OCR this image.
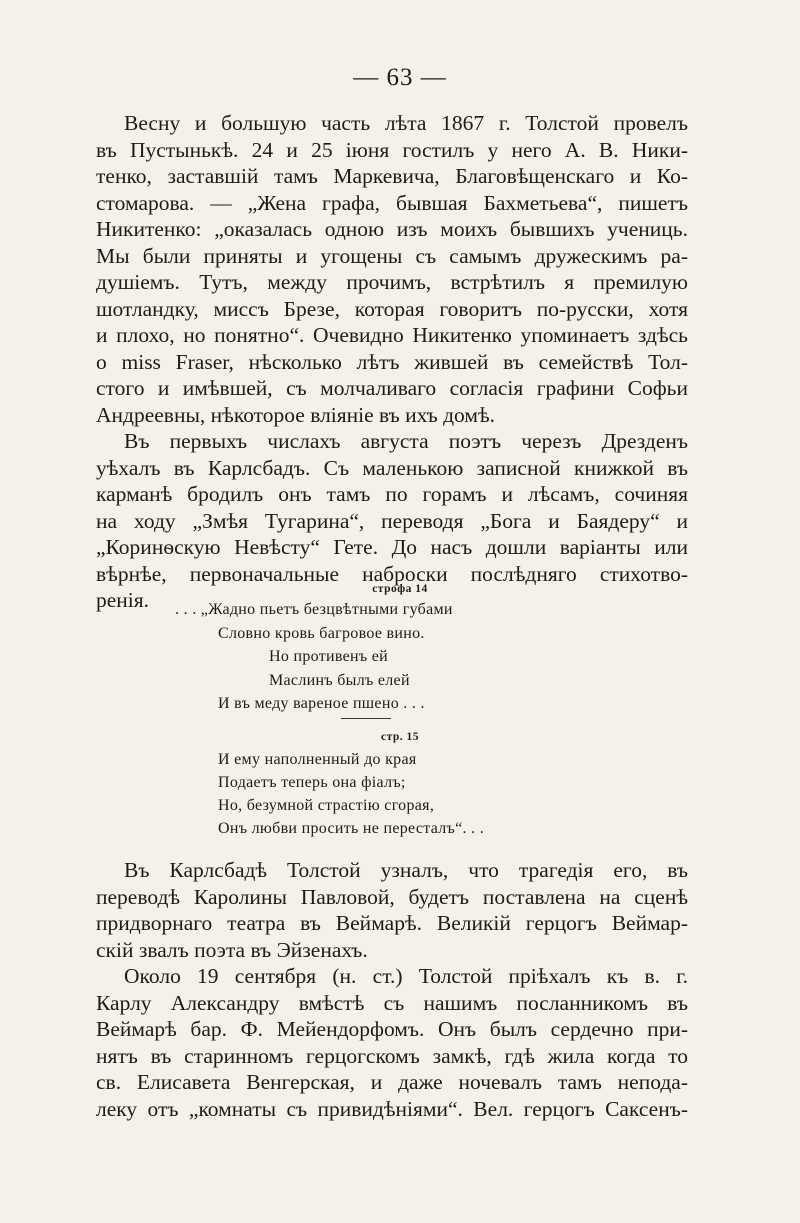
— 63 —
Весну и большую часть лѣта 1867 г. Толстой провелъ
въ Пустынькѣ. 24 и 25 іюня гостилъ у него А. В. Ники-
тенко, заставшій тамъ Маркевича, Благовѣщенскаго и Ко-
стомарова. — „Жена графа, бывшая Бахметьева“, пишетъ
Никитенко: „оказалась одною изъ моихъ бывшихъ учениць.
Мы были приняты и угощены съ самымъ дружескимъ ра-
душіемъ. Тутъ, между прочимъ, встрѣтилъ я премилую
шотландку, миссъ Брезе, которая говоритъ по-русски, хотя
и плохо, но понятно“. Очевидно Никитенко упоминаетъ здѣсь
о miss Fraser, нѣсколько лѣтъ жившей въ семействѣ Тол-
стого и имѣвшей, съ молчаливаго согласія графини Софьи
Андреевны, нѣкоторое вліяніе въ ихъ домѣ.
Въ первыхъ числахъ августа поэтъ черезъ Дрезденъ
уѣхалъ въ Карлсбадъ. Съ маленькою записной книжкой въ
карманѣ бродилъ онъ тамъ по горамъ и лѣсамъ, сочиняя
на ходу „Змѣя Тугарина“, переводя „Бога и Баядеру“ и
„Коринѳскую Невѣсту“ Гете. До насъ дошли варіанты или
вѣрнѣе, первоначальные наброски послѣдняго стихотво-
ренія.	строфа 14
. . . „Жадно пьетъ безцвѣтными губами
Словно кровь багровое вино.
Но противенъ ей
Маслинъ былъ елей
И въ меду вареное пшено . . .
стр. 15
И ему наполненный до края
Подаетъ теперь она фіалъ;
Но, безумной страстію сгорая,
Онъ любви просить не пересталъ“. . .
Въ Карлсбадѣ Толстой узналъ, что трагедія его, въ
переводѣ Каролины Павловой, будетъ поставлена на сценѣ
придворнаго театра въ Веймарѣ. Великій герцогъ Веймар-
скій звалъ поэта въ Эйзенахъ.
Около 19 сентября (н. ст.) Толстой пріѣхалъ къ в. г.
Карлу Александру вмѣстѣ съ нашимъ посланникомъ въ
Веймарѣ бар. Ф. Мейендорфомъ. Онъ былъ сердечно при-
нятъ въ старинномъ герцогскомъ замкѣ, гдѣ жила когда то
св. Елисавета Венгерская, и даже ночевалъ тамъ непода-
леку отъ „комнаты съ привидѣніями“. Вел. герцогъ Саксенъ-
